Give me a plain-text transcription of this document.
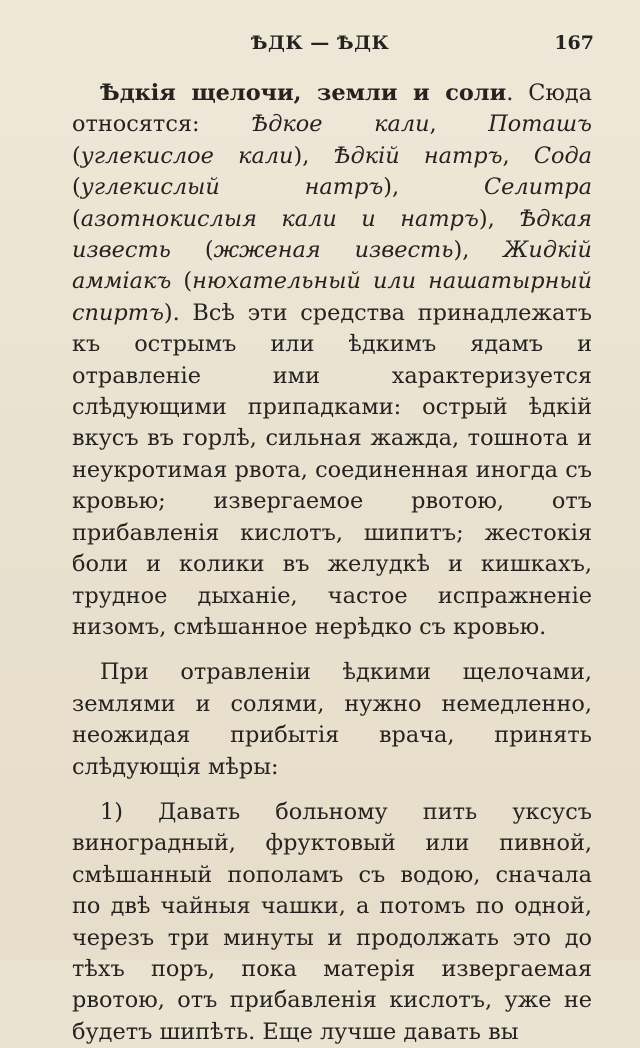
ѢДК — ѢДК	167

Ѣдкія щелочи, земли и соли. Сюда относятся: Ѣдкое кали, Поташъ (углекислое кали), Ѣдкій натръ, Сода (углекислый натръ), Селитра (азотнокислыя кали и натръ), Ѣдкая известь (жженая известь), Жидкій аммiакъ (нюхательный или нашатырный спиртъ). Всѣ эти средства принадлежатъ къ острымъ или ѣдкимъ ядамъ и отравленіе ими характеризуется слѣдующими припадками: острый ѣдкій вкусъ въ горлѣ, сильная жажда, тошнота и неукротимая рвота, соединенная иногда съ кровью; извергаемое рвотою, отъ прибавленія кислотъ, шипитъ; жестокія боли и колики въ желудкѣ и кишкахъ, трудное дыханіе, частое испражненіе низомъ, смѣшанное нерѣдко съ кровью.

При отравленіи ѣдкими щелочами, землями и солями, нужно немедленно, неожидая прибытія врача, принять слѣдующія мѣры:

1) Давать больному пить уксусъ виноградный, фруктовый или пивной, смѣшанный пополамъ съ водою, сначала по двѣ чайныя чашки, а потомъ по одной, черезъ три минуты и продолжать это до тѣхъ поръ, пока матерія извергаемая рвотою, отъ прибавленія кислотъ, уже не будетъ шипѣть. Еще лучше давать вы
